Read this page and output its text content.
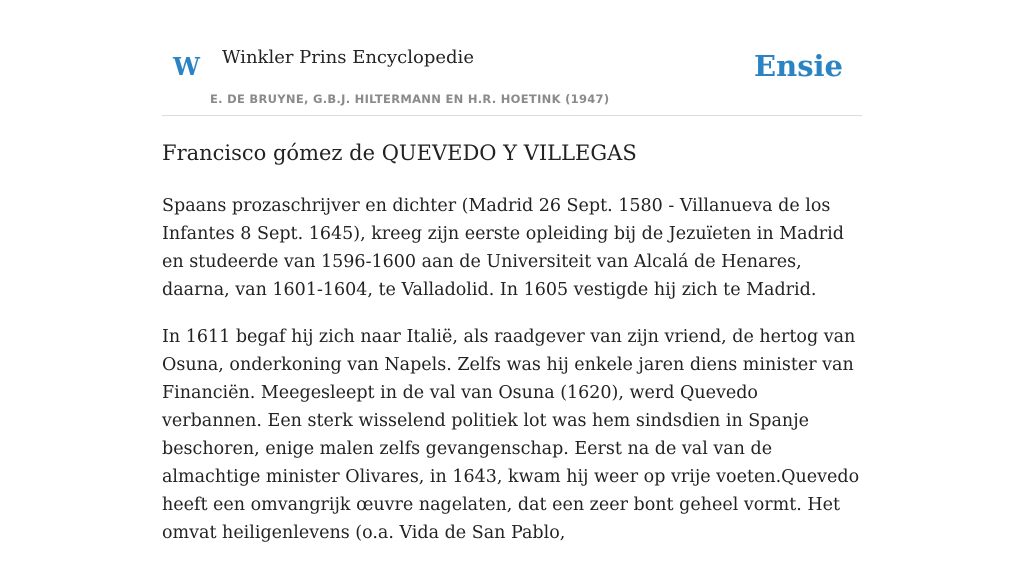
W Winkler Prins Encyclopedie
E. DE BRUYNE, G.B.J. HILTERMANN EN H.R. HOETINK (1947)
Ensie
Francisco gómez de QUEVEDO Y VILLEGAS

Spaans prozaschrijver en dichter (Madrid 26 Sept. 1580 - Villanueva de los Infantes 8 Sept. 1645), kreeg zijn eerste opleiding bij de Jezuïeten in Madrid en studeerde van 1596-1600 aan de Universiteit van Alcalá de Henares, daarna, van 1601-1604, te Valladolid. In 1605 vestigde hij zich te Madrid.

In 1611 begaf hij zich naar Italië, als raadgever van zijn vriend, de hertog van Osuna, onderkoning van Napels. Zelfs was hij enkele jaren diens minister van Financiën. Meegesleept in de val van Osuna (1620), werd Quevedo verbannen. Een sterk wisselend politiek lot was hem sindsdien in Spanje beschoren, enige malen zelfs gevangenschap. Eerst na de val van de almachtige minister Olivares, in 1643, kwam hij weer op vrije voeten.Quevedo heeft een omvangrijk œuvre nagelaten, dat een zeer bont geheel vormt. Het omvat heiligenlevens (o.a. Vida de San Pablo,
